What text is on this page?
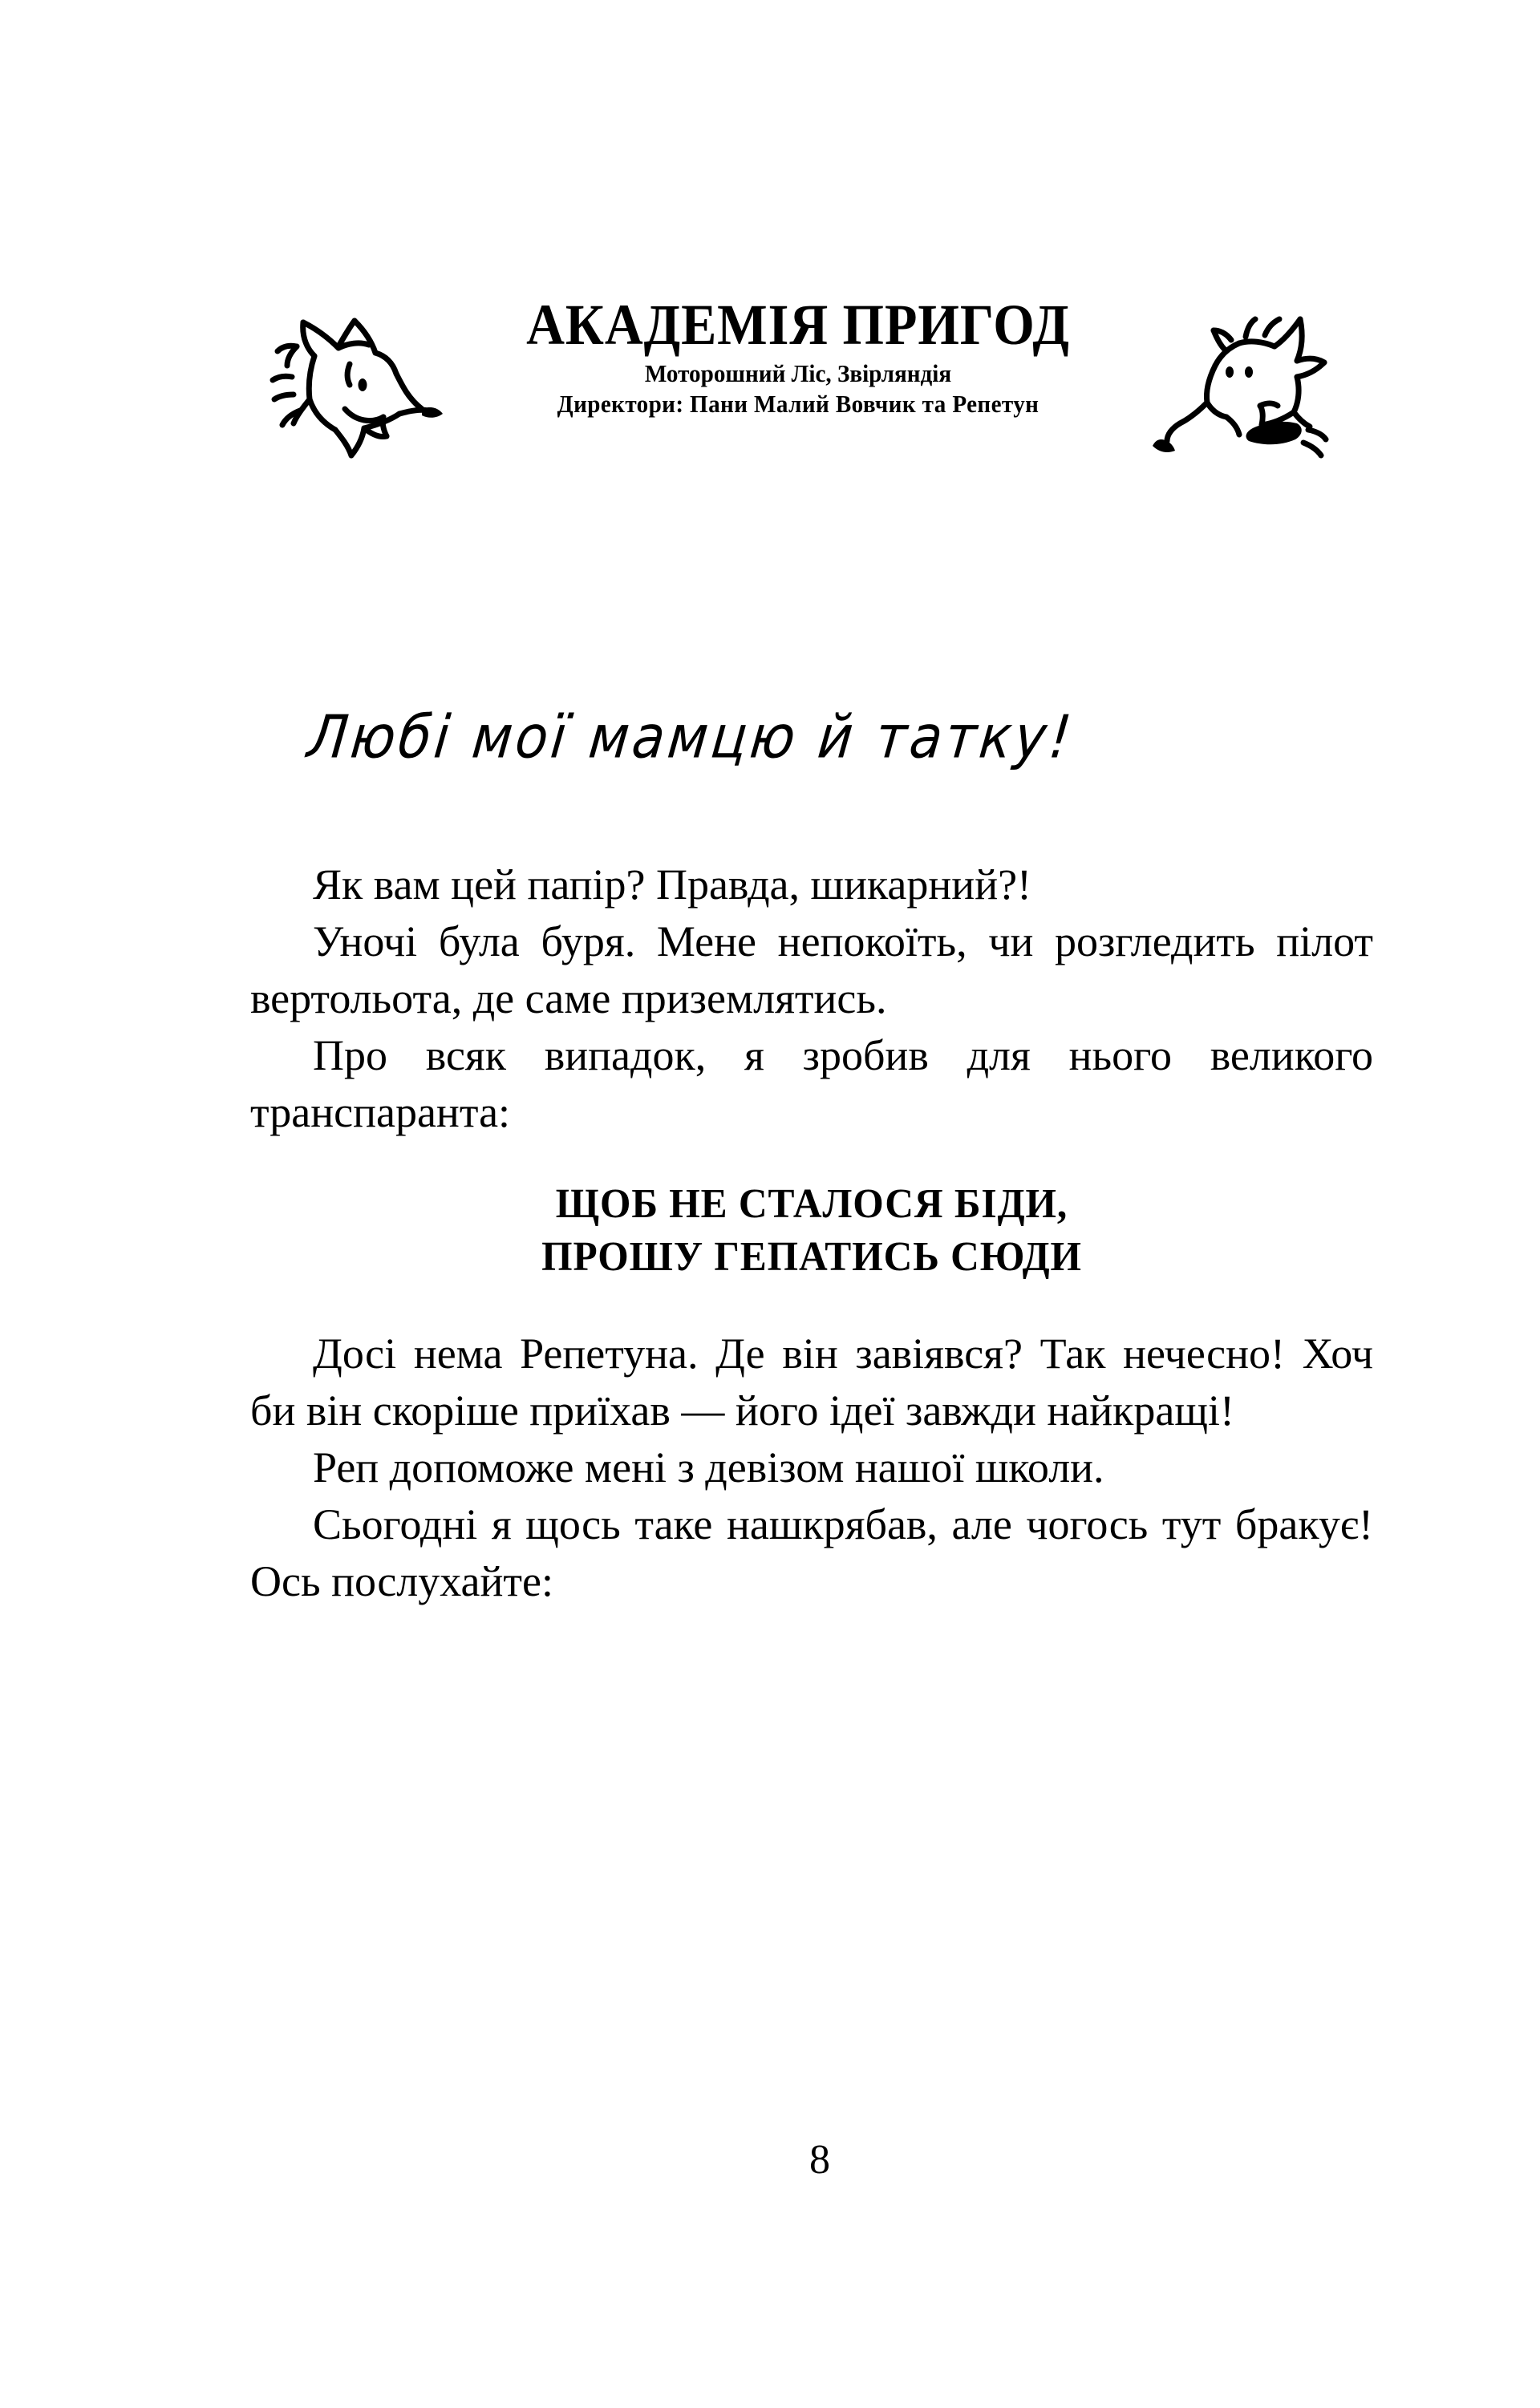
АКАДЕМІЯ ПРИГОД
Моторошний Ліс, Звірляндія
Директори: Пани Малий Вовчик та Репетун
Любі мої мамцю й татку!

Як вам цей папір? Правда, шикарний?!

Уночі була буря. Мене непокоїть, чи розгледить пілот вертольота, де саме приземлятись.

Про всяк випадок, я зробив для нього великого транспаранта:

ЩОБ НЕ СТАЛОСЯ БІДИ,
ПРОШУ ГЕПАТИСЬ СЮДИ

Досі нема Репетуна. Де він завіявся? Так нечесно! Хоч би він скоріше приїхав — його ідеї завжди найкращі!

Реп допоможе мені з девізом нашої школи.

Сьогодні я щось таке нашкрябав, але чогось тут бракує! Ось послухайте:

8
